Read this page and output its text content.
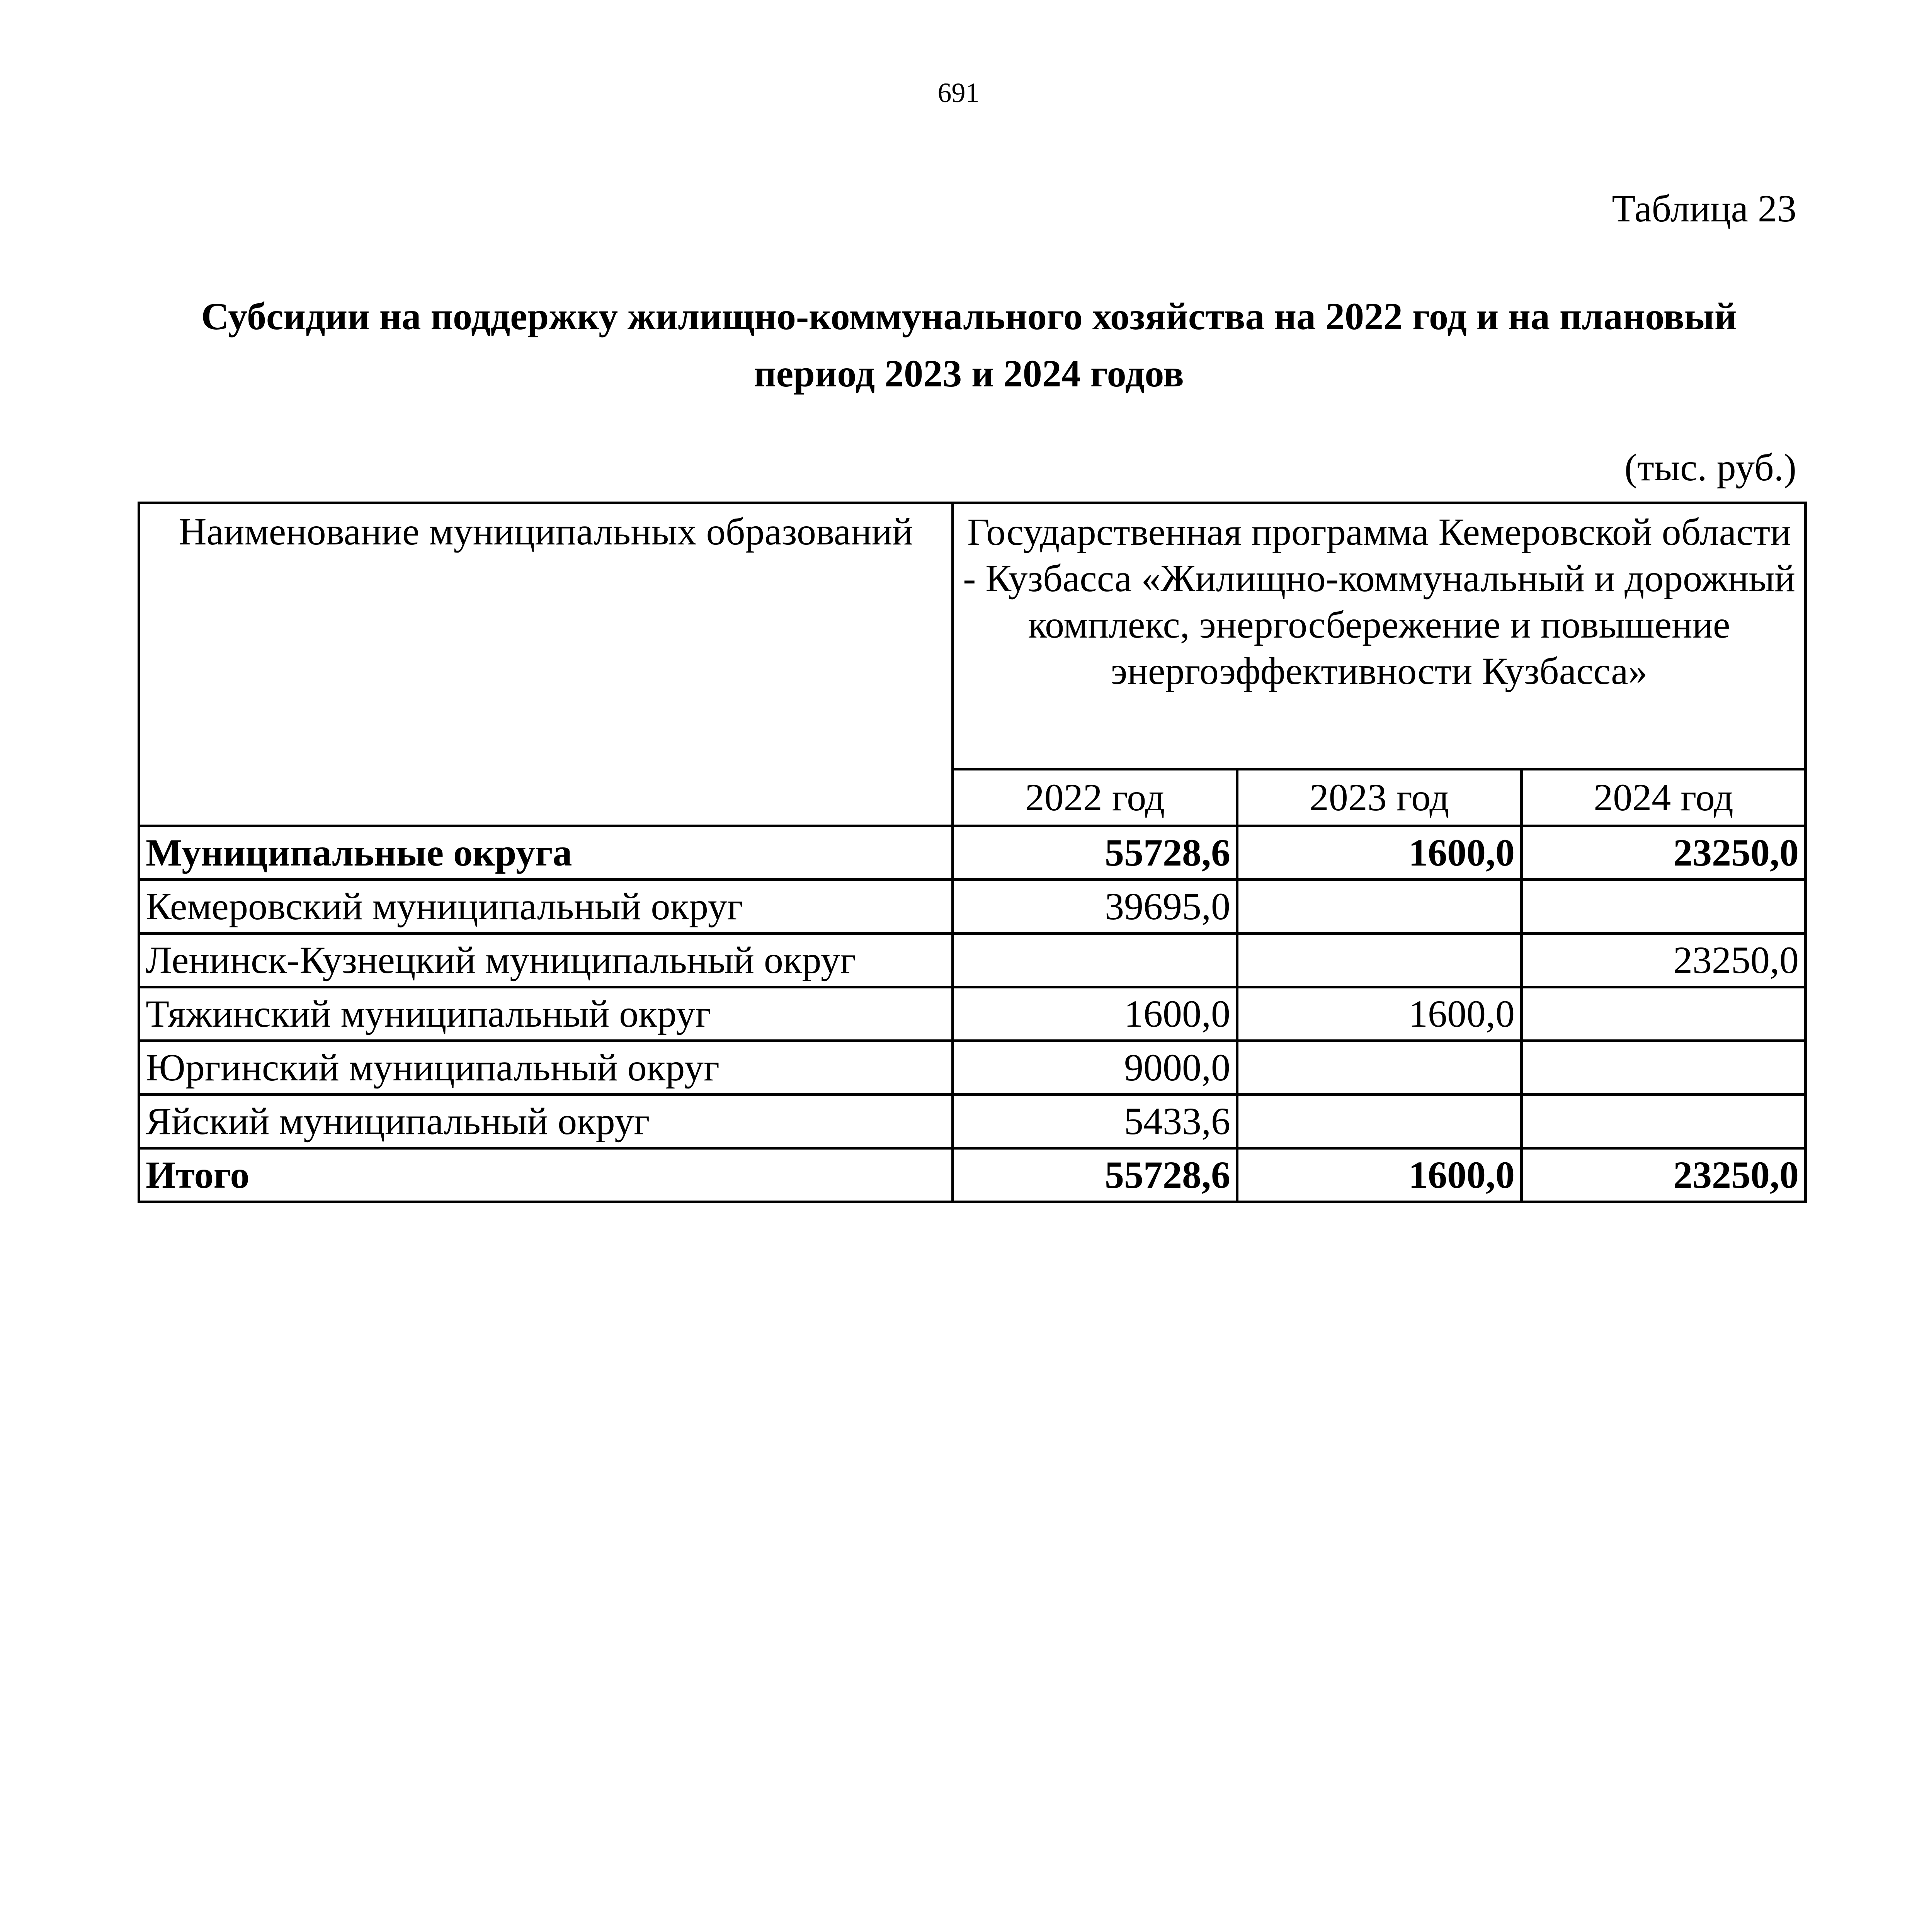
691
Таблица 23
Субсидии на поддержку жилищно-коммунального хозяйства на 2022 год и на плановый период 2023 и 2024 годов
(тыс. руб.)
Наименование муниципальных образований	Государственная программа Кемеровской области - Кузбасса «Жилищно-коммунальный и дорожный комплекс, энергосбережение и повышение энергоэффективности Кузбасса»		
	2022 год	2023 год	2024 год
Муниципальные округа	55728,6	1600,0	23250,0
Кемеровский муниципальный округ	39695,0		
Ленинск-Кузнецкий муниципальный округ			23250,0
Тяжинский муниципальный округ	1600,0	1600,0	
Юргинский муниципальный округ	9000,0		
Яйский муниципальный округ	5433,6		
Итого	55728,6	1600,0	23250,0
